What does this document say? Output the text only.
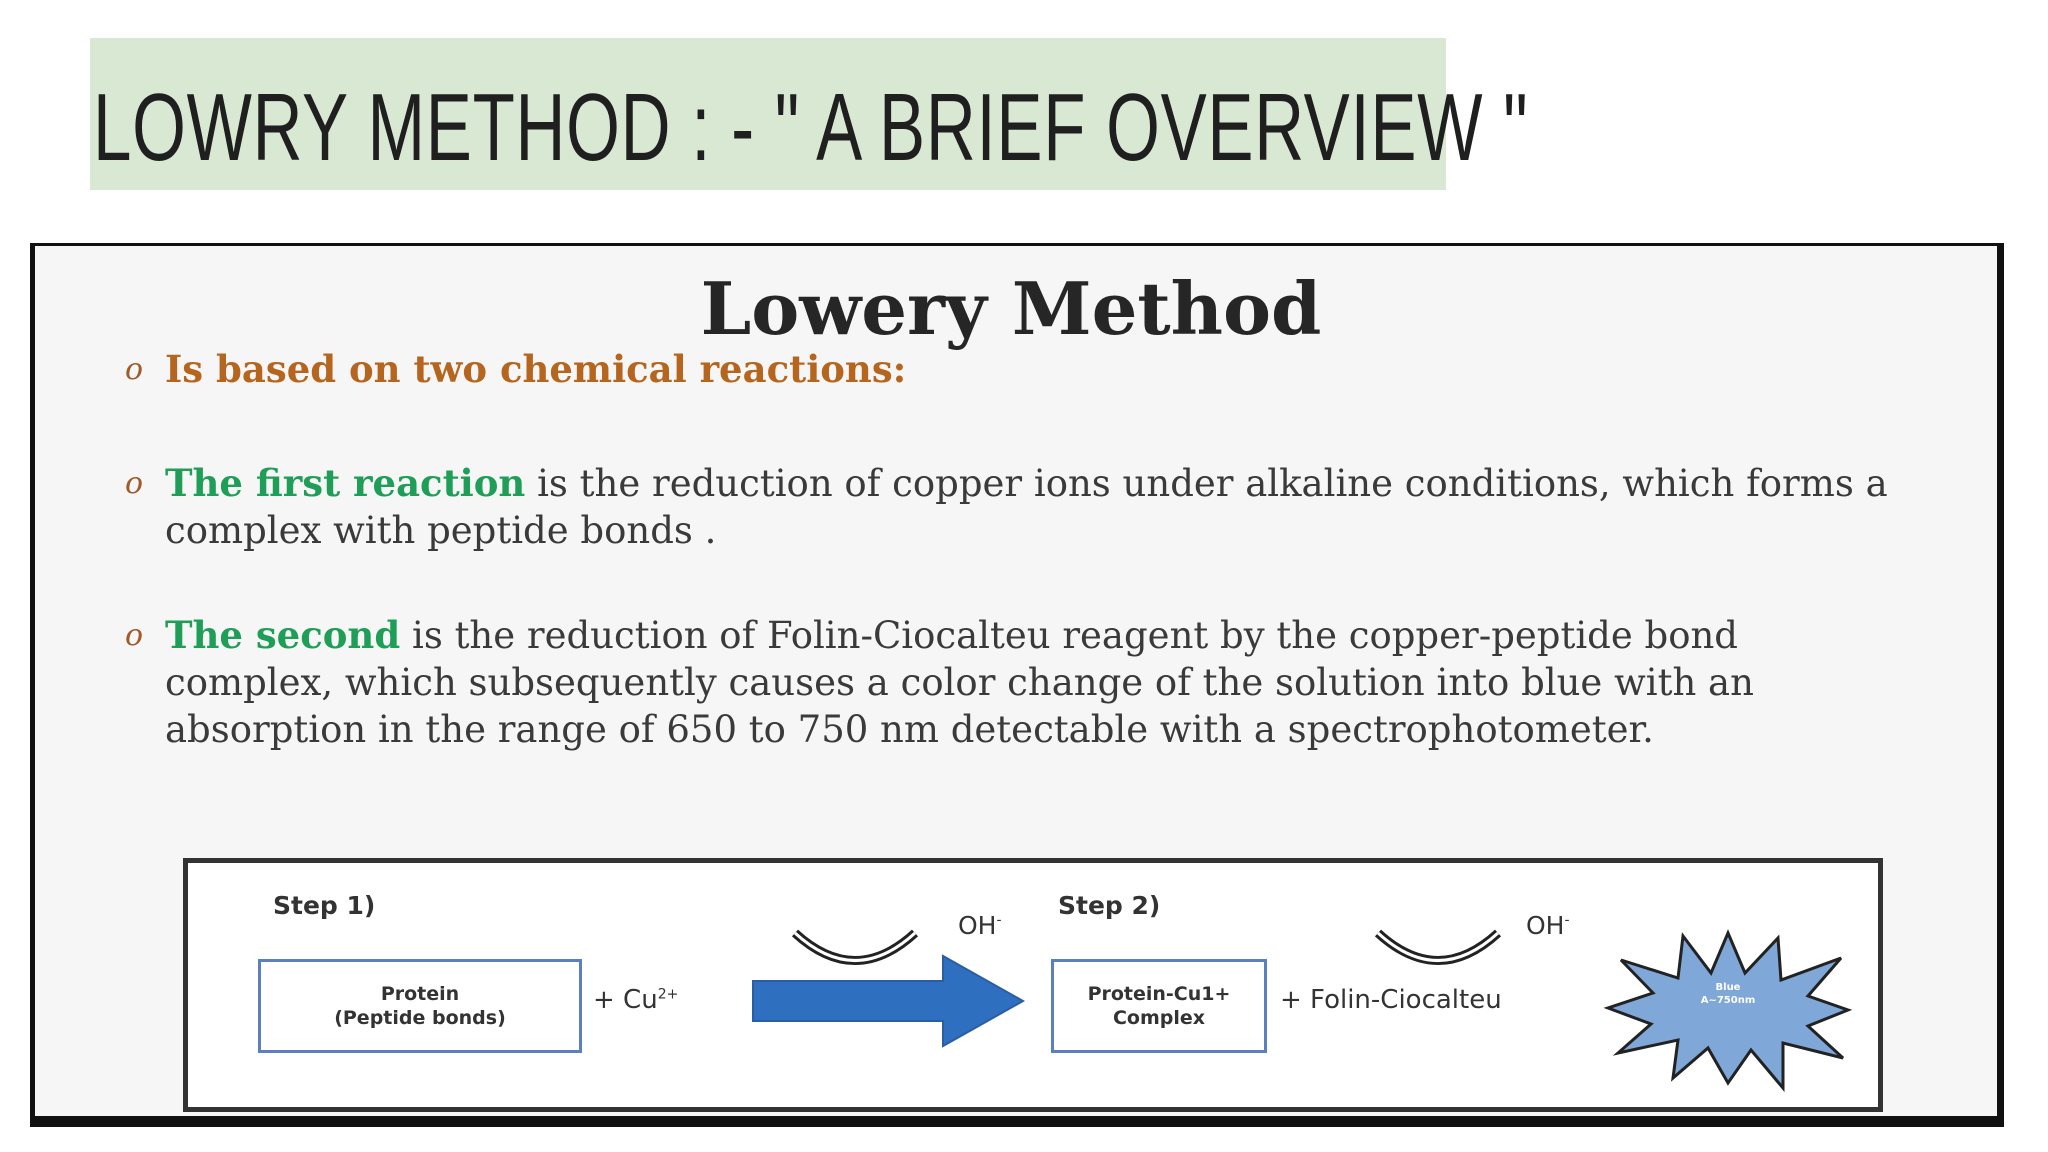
LOWRY METHOD : - " A BRIEF OVERVIEW "
Lowery Method
o Is based on two chemical reactions:
o The first reaction is the reduction of copper ions under alkaline conditions, which forms a complex with peptide bonds .
o The second is the reduction of Folin-Ciocalteu reagent by the copper-peptide bond complex, which subsequently causes a color change of the solution into blue with an absorption in the range of 650 to 750 nm detectable with a spectrophotometer.
Step 1)	Step 2)
Protein
(Peptide bonds)
+ $Cu^{2+}$
OH-
Protein-Cu1+
Complex
+ Folin-Ciocalteu
OH-
Blue
A~750nm
